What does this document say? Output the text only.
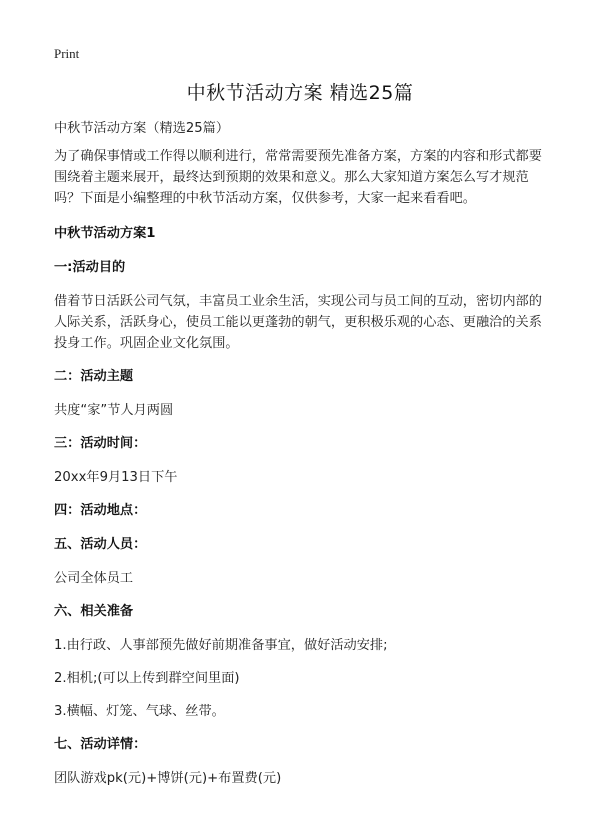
Print
中秋节活动方案 精选25篇

中秋节活动方案（精选25篇）

为了确保事情或工作得以顺利进行，常常需要预先准备方案，方案的内容和形式都要围绕着主题来展开，最终达到预期的效果和意义。那么大家知道方案怎么写才规范吗？下面是小编整理的中秋节活动方案，仅供参考，大家一起来看看吧。

中秋节活动方案1
一:活动目的

借着节日活跃公司气氛，丰富员工业余生活，实现公司与员工间的互动，密切内部的人际关系，活跃身心，使员工能以更蓬勃的朝气，更积极乐观的心态、更融洽的关系投身工作。巩固企业文化氛围。

二：活动主题

共度“家”节人月两圆

三：活动时间：

20xx年9月13日下午

四：活动地点：
五、活动人员：

公司全体员工

六、相关准备

1.由行政、人事部预先做好前期准备事宜，做好活动安排;

2.相机;(可以上传到群空间里面)

3.横幅、灯笼、气球、丝带。

七、活动详情：

团队游戏pk(元)+博饼(元)+布置费(元)
